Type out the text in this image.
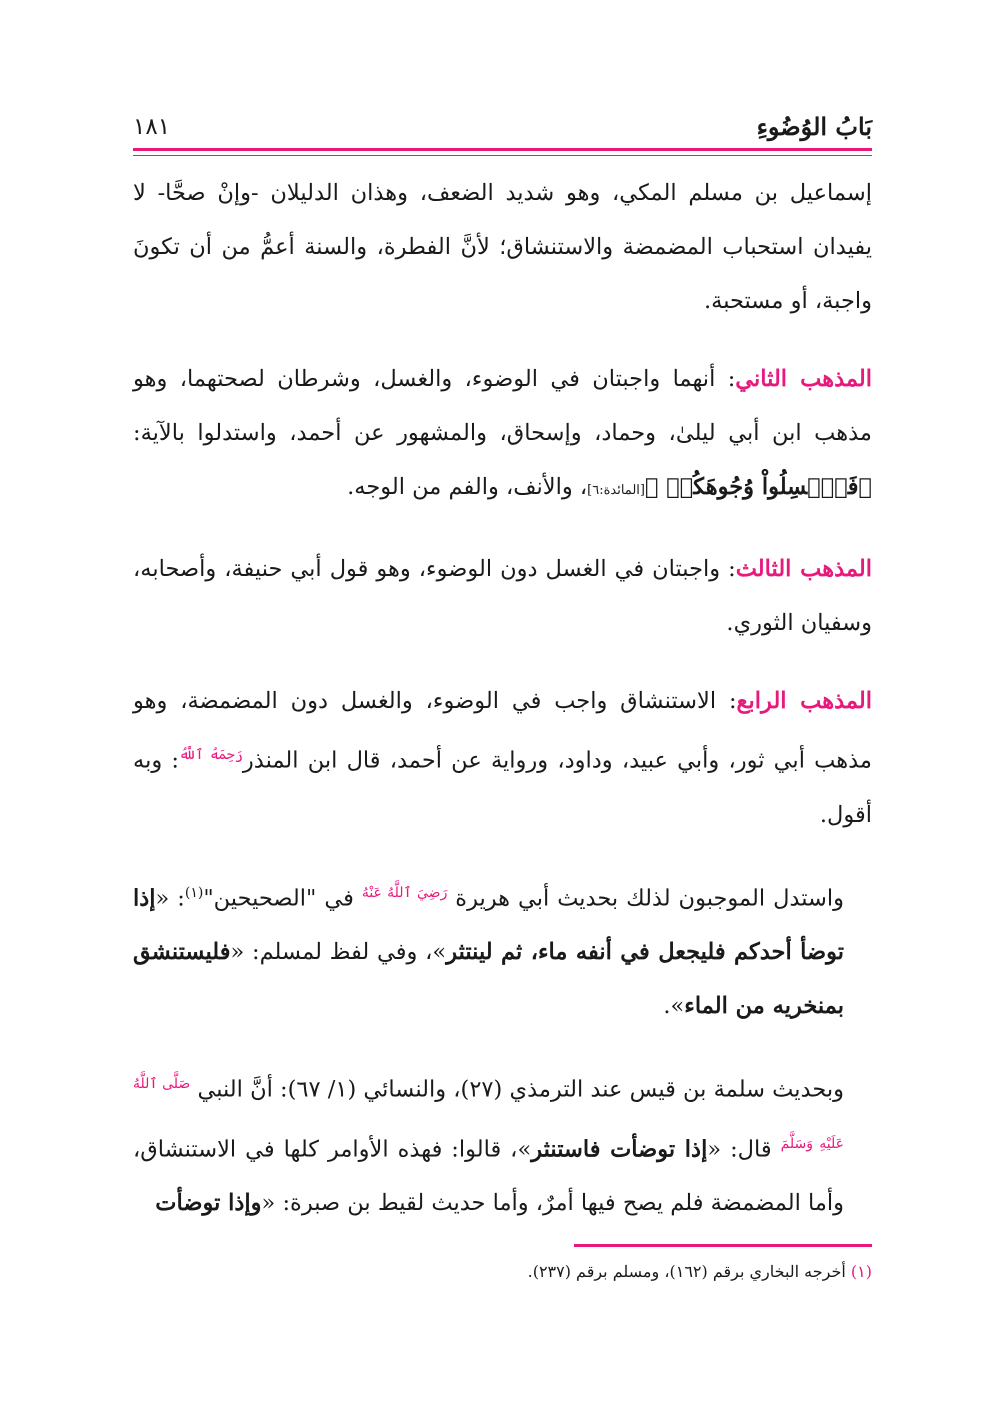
بَابُ الوُضُوءِ
١٨١

إسماعيل بن مسلم المكي، وهو شديد الضعف، وهذان الدليلان -وإنْ صحَّا- لا يفيدان استحباب المضمضة والاستنشاق؛ لأنَّ الفطرة، والسنة أعمُّ من أن تكونَ واجبة، أو مستحبة.

المذهب الثاني: أنهما واجبتان في الوضوء، والغسل، وشرطان لصحتهما، وهو مذهب ابن أبي ليلىٰ، وحماد، وإسحاق، والمشهور عن أحمد، واستدلوا بالآية: ﴿فَٱغۡسِلُواْ وُجُوهَكُمۡ ﴾[المائدة:٦]، والأنف، والفم من الوجه.

المذهب الثالث: واجبتان في الغسل دون الوضوء، وهو قول أبي حنيفة، وأصحابه، وسفيان الثوري.

المذهب الرابع: الاستنشاق واجب في الوضوء، والغسل دون المضمضة، وهو مذهب أبي ثور، وأبي عبيد، وداود، ورواية عن أحمد، قال ابن المنذر$^{رَحِمَهُ ٱللَّهُ}$: وبه أقول.

واستدل الموجبون لذلك بحديث أبي هريرة $^{رَضِيَ ٱللَّهُ عَنْهُ}$ في "الصحيحين"$^{(١)}$: «إذا توضأ أحدكم فليجعل في أنفه ماء، ثم لينتثر»، وفي لفظ لمسلم: «فليستنشق بمنخريه من الماء».

وبحديث سلمة بن قيس عند الترمذي (٢٧)، والنسائي (١/ ٦٧): أنَّ النبي $^{صَلَّى ٱللَّهُ عَلَيْهِ وَسَلَّمَ}$ قال: «إذا توضأت فاستنثر»، قالوا: فهذه الأوامر كلها في الاستنشاق، وأما المضمضة فلم يصح فيها أمرٌ، وأما حديث لقيط بن صبرة: «وإذا توضأت

(١) أخرجه البخاري برقم (١٦٢)، ومسلم برقم (٢٣٧).
